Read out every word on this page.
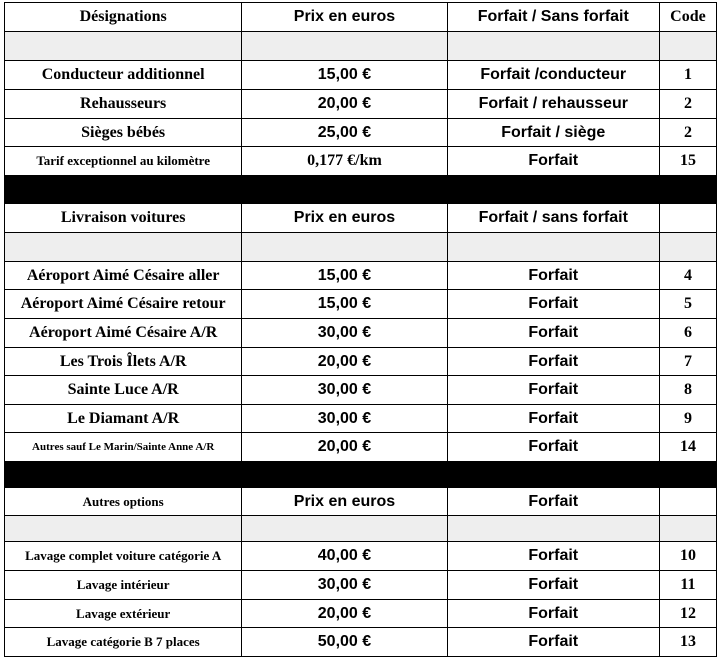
Désignations	Prix en euros	Forfait / Sans forfait	Code

Conducteur additionnel	15,00 €	Forfait /conducteur	1
Rehausseurs	20,00 €	Forfait / rehausseur	2
Sièges bébés	25,00 €	Forfait / siège	2
Tarif exceptionnel au kilomètre	0,177 €/km	Forfait	15

Livraison voitures	Prix en euros	Forfait / sans forfait	

Aéroport Aimé Césaire aller	15,00 €	Forfait	4
Aéroport Aimé Césaire retour	15,00 €	Forfait	5
Aéroport Aimé Césaire A/R	30,00 €	Forfait	6
Les Trois Îlets A/R	20,00 €	Forfait	7
Sainte Luce A/R	30,00 €	Forfait	8
Le Diamant A/R	30,00 €	Forfait	9
Autres sauf Le Marin/Sainte Anne A/R	20,00 €	Forfait	14

Autres options	Prix en euros	Forfait	

Lavage complet voiture catégorie A	40,00 €	Forfait	10
Lavage intérieur	30,00 €	Forfait	11
Lavage extérieur	20,00 €	Forfait	12
Lavage catégorie B 7 places	50,00 €	Forfait	13
